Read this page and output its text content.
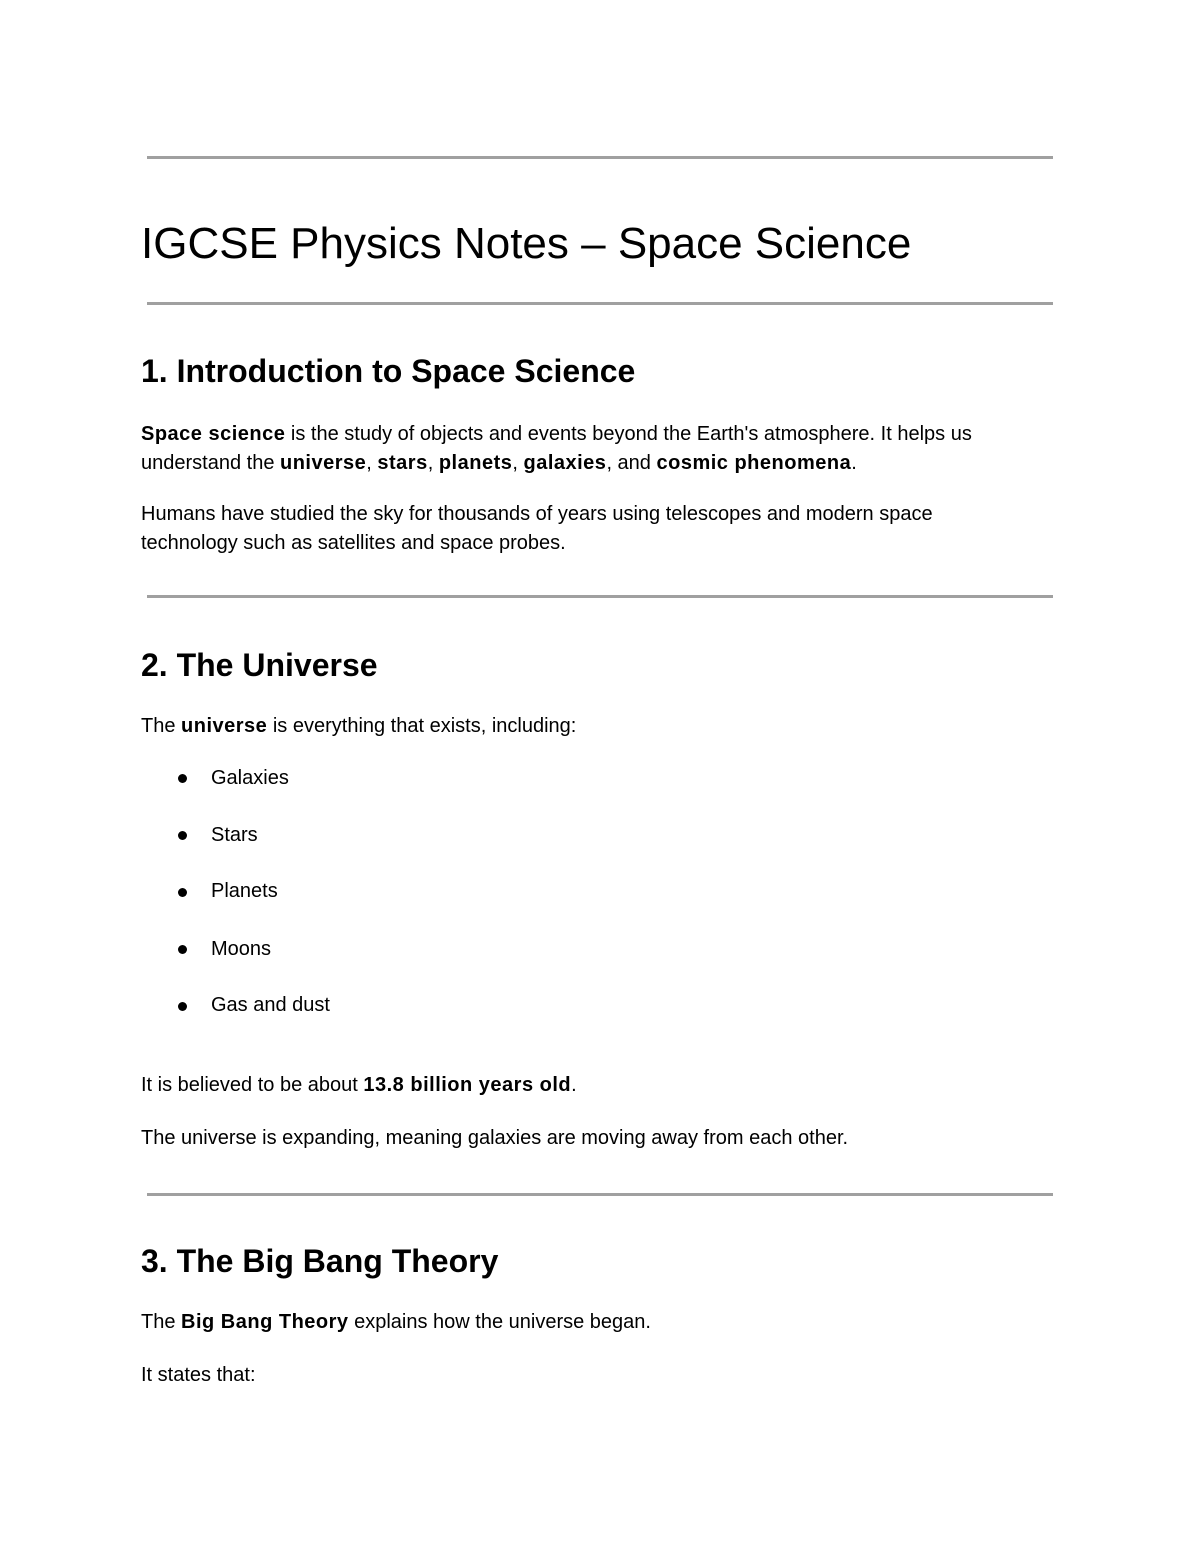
IGCSE Physics Notes – Space Science
1. Introduction to Space Science
Space science is the study of objects and events beyond the Earth's atmosphere. It helps us
understand the universe, stars, planets, galaxies, and cosmic phenomena.
Humans have studied the sky for thousands of years using telescopes and modern space
technology such as satellites and space probes.
2. The Universe
The universe is everything that exists, including:
Galaxies
Stars
Planets
Moons
Gas and dust
It is believed to be about 13.8 billion years old.
The universe is expanding, meaning galaxies are moving away from each other.
3. The Big Bang Theory
The Big Bang Theory explains how the universe began.
It states that:
